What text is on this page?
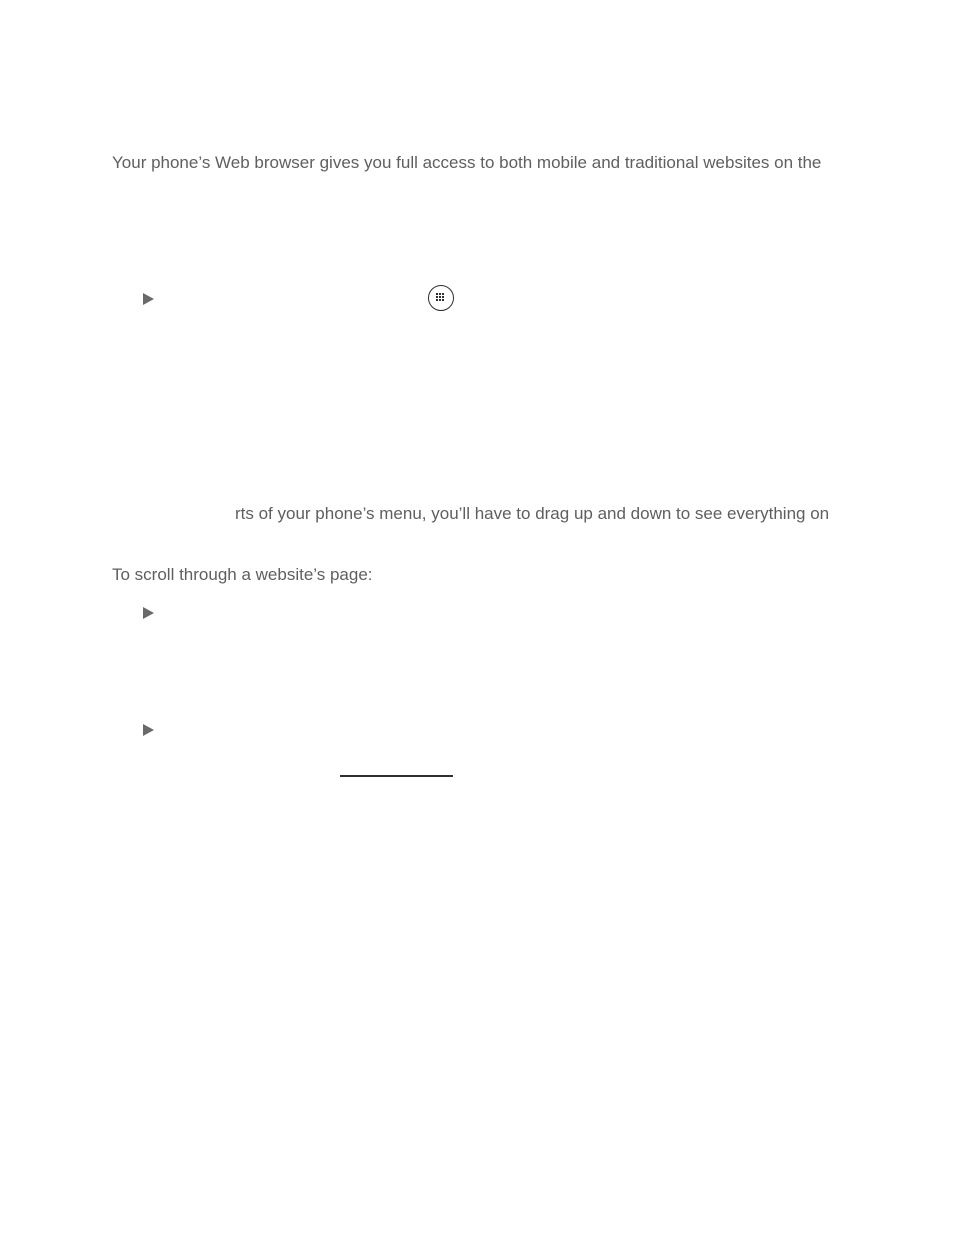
Your phone’s Web browser gives you full access to both mobile and traditional websites on the
rts of your phone’s menu, you’ll have to drag up and down to see everything on
To scroll through a website’s page:
